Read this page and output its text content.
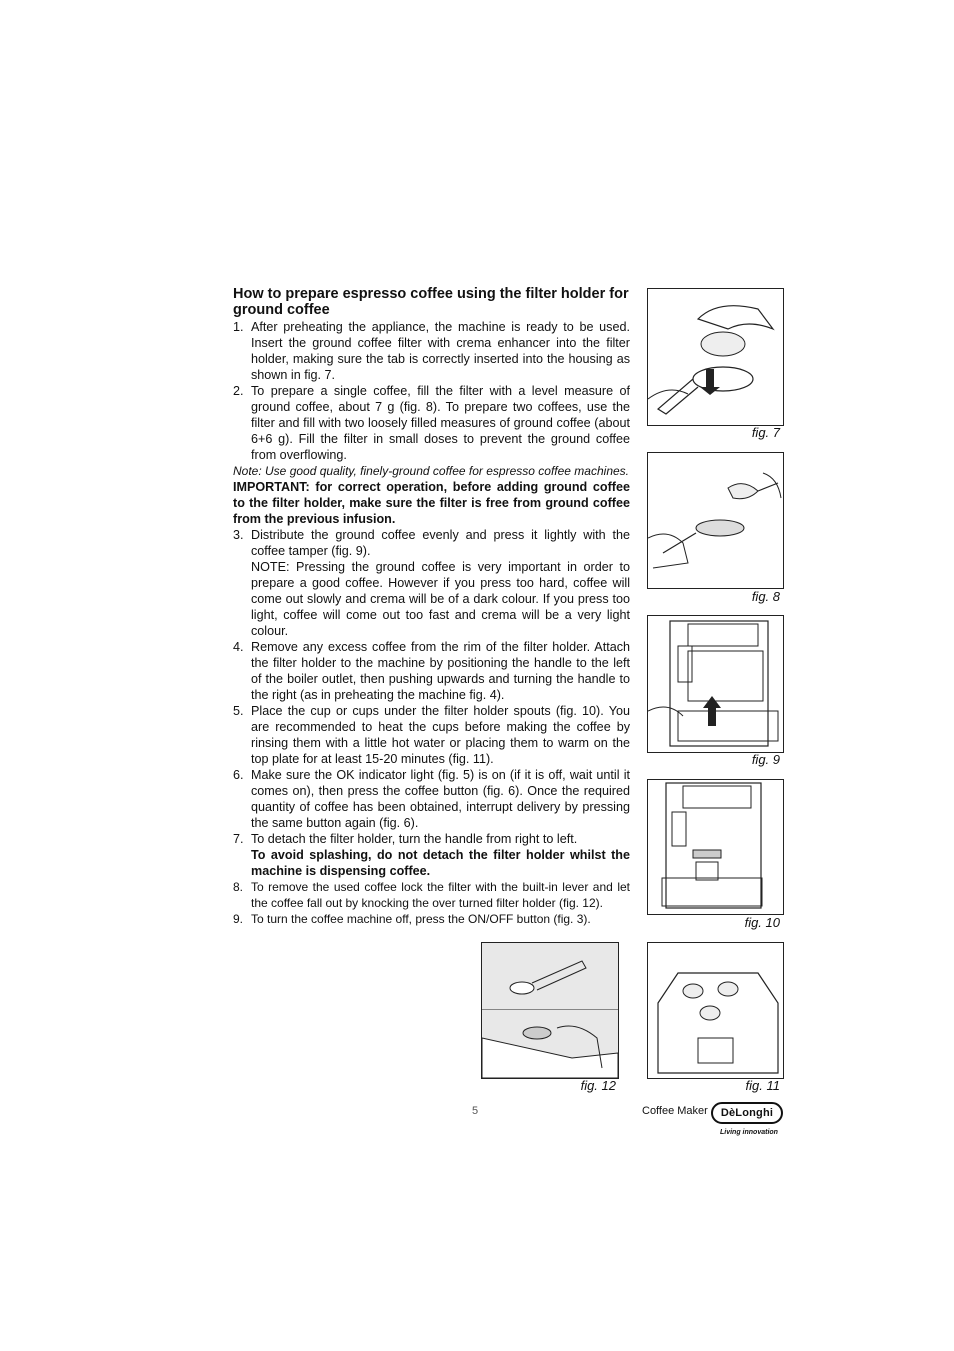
How to prepare espresso coffee using the filter holder for ground coffee
1. After preheating the appliance, the machine is ready to be used. Insert the ground coffee filter with crema enhancer into the filter holder, making sure the tab is correctly inserted into the housing as shown in fig. 7.
2. To prepare a single coffee, fill the filter with a level measure of ground coffee, about 7 g (fig. 8). To prepare two coffees, use the filter and fill with two loosely filled measures of ground coffee (about 6+6 g). Fill the filter in small doses to prevent the ground coffee from overflowing.
Note: Use good quality, finely-ground coffee for espresso coffee machines.
IMPORTANT: for correct operation, before adding ground coffee to the filter holder, make sure the filter is free from ground coffee from the previous infusion.
3. Distribute the ground coffee evenly and press it lightly with the coffee tamper (fig. 9).
NOTE: Pressing the ground coffee is very important in order to prepare a good coffee. However if you press too hard, coffee will come out slowly and crema will be of a dark colour. If you press too light, coffee will come out too fast and crema will be a very light colour.
4. Remove any excess coffee from the rim of the filter holder. Attach the filter holder to the machine by positioning the handle to the left of the boiler outlet, then pushing upwards and turning the handle to the right (as in preheating the machine fig. 4).
5. Place the cup or cups under the filter holder spouts (fig. 10). You are recommended to heat the cups before making the coffee by rinsing them with a little hot water or placing them to warm on the top plate for at least 15-20 minutes (fig. 11).
6. Make sure the OK indicator light (fig. 5) is on (if it is off, wait until it comes on), then press the coffee button (fig. 6). Once the required quantity of coffee has been obtained, interrupt delivery by pressing the same button again (fig. 6).
7. To detach the filter holder, turn the handle from right to left.
To avoid splashing, do not detach the filter holder whilst the machine is dispensing coffee.
8. To remove the used coffee lock the filter with the built-in lever and let the coffee fall out by knocking the over turned filter holder (fig. 12).
9. To turn the coffee machine off, press the ON/OFF button (fig. 3).
fig. 7
fig. 8
fig. 9
fig. 10
fig. 11
fig. 12
5	Coffee Maker DèLonghi
Living innovation
